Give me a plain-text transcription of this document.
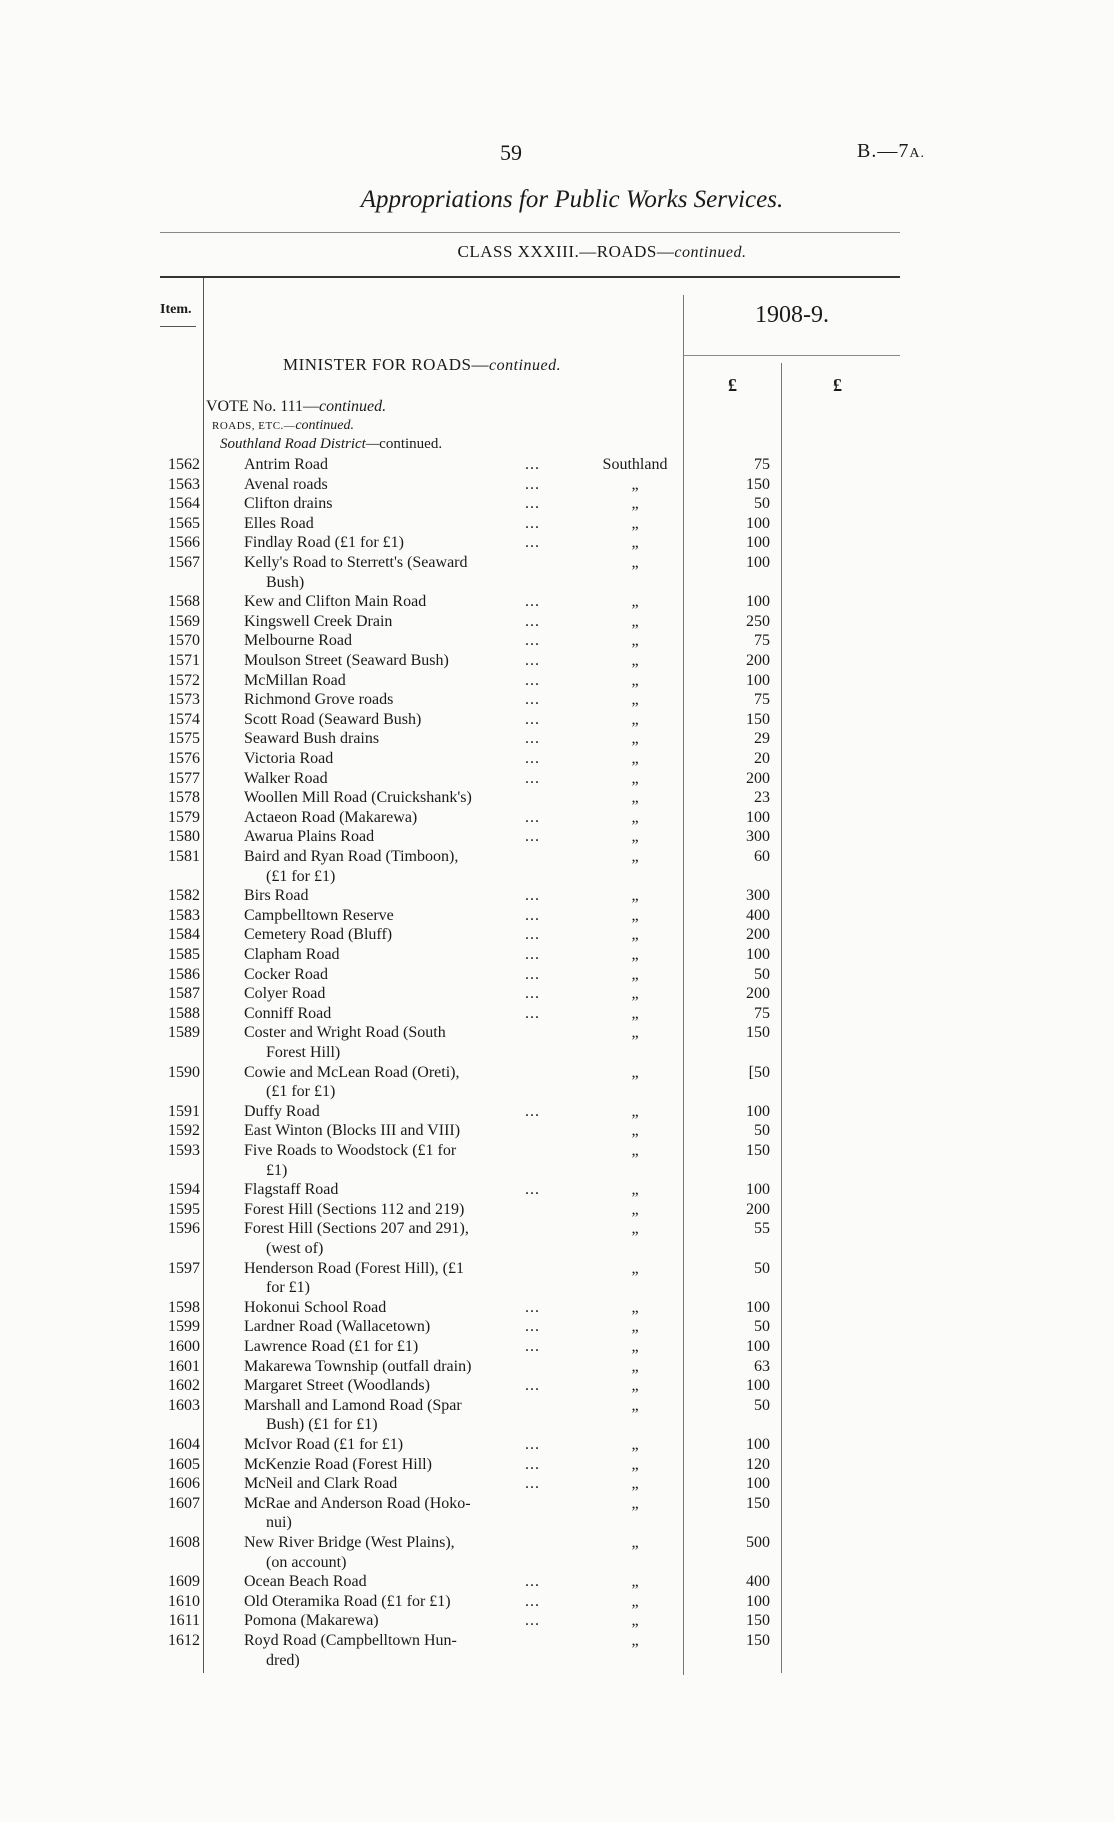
59	B.—7A.
Appropriations for Public Works Services.
CLASS XXXIII.—ROADS—continued.
Item.	1908-9.
£	£
MINISTER FOR ROADS—continued.
VOTE No. 111—continued.
ROADS, ETC.—continued.
Southland Road District—continued.
1562	Antrim Road	...	Southland	75
1563	Avenal roads	...	„	150
1564	Clifton drains	...	„	50
1565	Elles Road	...	„	100
1566	Findlay Road (£1 for £1)	...	„	100
1567	Kelly's Road to Sterrett's (Seaward
Bush)
„	100
1568	Kew and Clifton Main Road	...	„	100
1569	Kingswell Creek Drain	...	„	250
1570	Melbourne Road	...	„	75
1571	Moulson Street (Seaward Bush)	...	„	200
1572	McMillan Road	...	„	100
1573	Richmond Grove roads	...	„	75
1574	Scott Road (Seaward Bush)	...	„	150
1575	Seaward Bush drains	...	„	29
1576	Victoria Road	...	„	20
1577	Walker Road	...	„	200
1578	Woollen Mill Road (Cruickshank's)	„	23
1579	Actaeon Road (Makarewa)	...	„	100
1580	Awarua Plains Road	...	„	300
1581	Baird and Ryan Road (Timboon),
(£1 for £1)
„	60
1582	Birs Road	...	„	300
1583	Campbelltown Reserve	...	„	400
1584	Cemetery Road (Bluff)	...	„	200
1585	Clapham Road	...	„	100
1586	Cocker Road	...	„	50
1587	Colyer Road	...	„	200
1588	Conniff Road	...	„	75
1589	Coster and Wright Road (South
Forest Hill)
„	150
1590	Cowie and McLean Road (Oreti),
(£1 for £1)
„	[50
1591	Duffy Road	...	„	100
1592	East Winton (Blocks III and VIII)	„	50
1593	Five Roads to Woodstock (£1 for
£1)
„	150
1594	Flagstaff Road	...	„	100
1595	Forest Hill (Sections 112 and 219)	„	200
1596	Forest Hill (Sections 207 and 291),
(west of)
„	55
1597	Henderson Road (Forest Hill), (£1
for £1)
„	50
1598	Hokonui School Road	...	„	100
1599	Lardner Road (Wallacetown)	...	„	50
1600	Lawrence Road (£1 for £1)	...	„	100
1601	Makarewa Township (outfall drain)	„	63
1602	Margaret Street (Woodlands)	...	„	100
1603	Marshall and Lamond Road (Spar
Bush) (£1 for £1)
„	50
1604	McIvor Road (£1 for £1)	...	„	100
1605	McKenzie Road (Forest Hill)	...	„	120
1606	McNeil and Clark Road	...	„	100
1607	McRae and Anderson Road (Hoko-
nui)
„	150
1608	New River Bridge (West Plains),
(on account)
„	500
1609	Ocean Beach Road	...	„	400
1610	Old Oteramika Road (£1 for £1)	...	„	100
1611	Pomona (Makarewa)	...	„	150
1612	Royd Road (Campbelltown Hun-
dred)
„	150
